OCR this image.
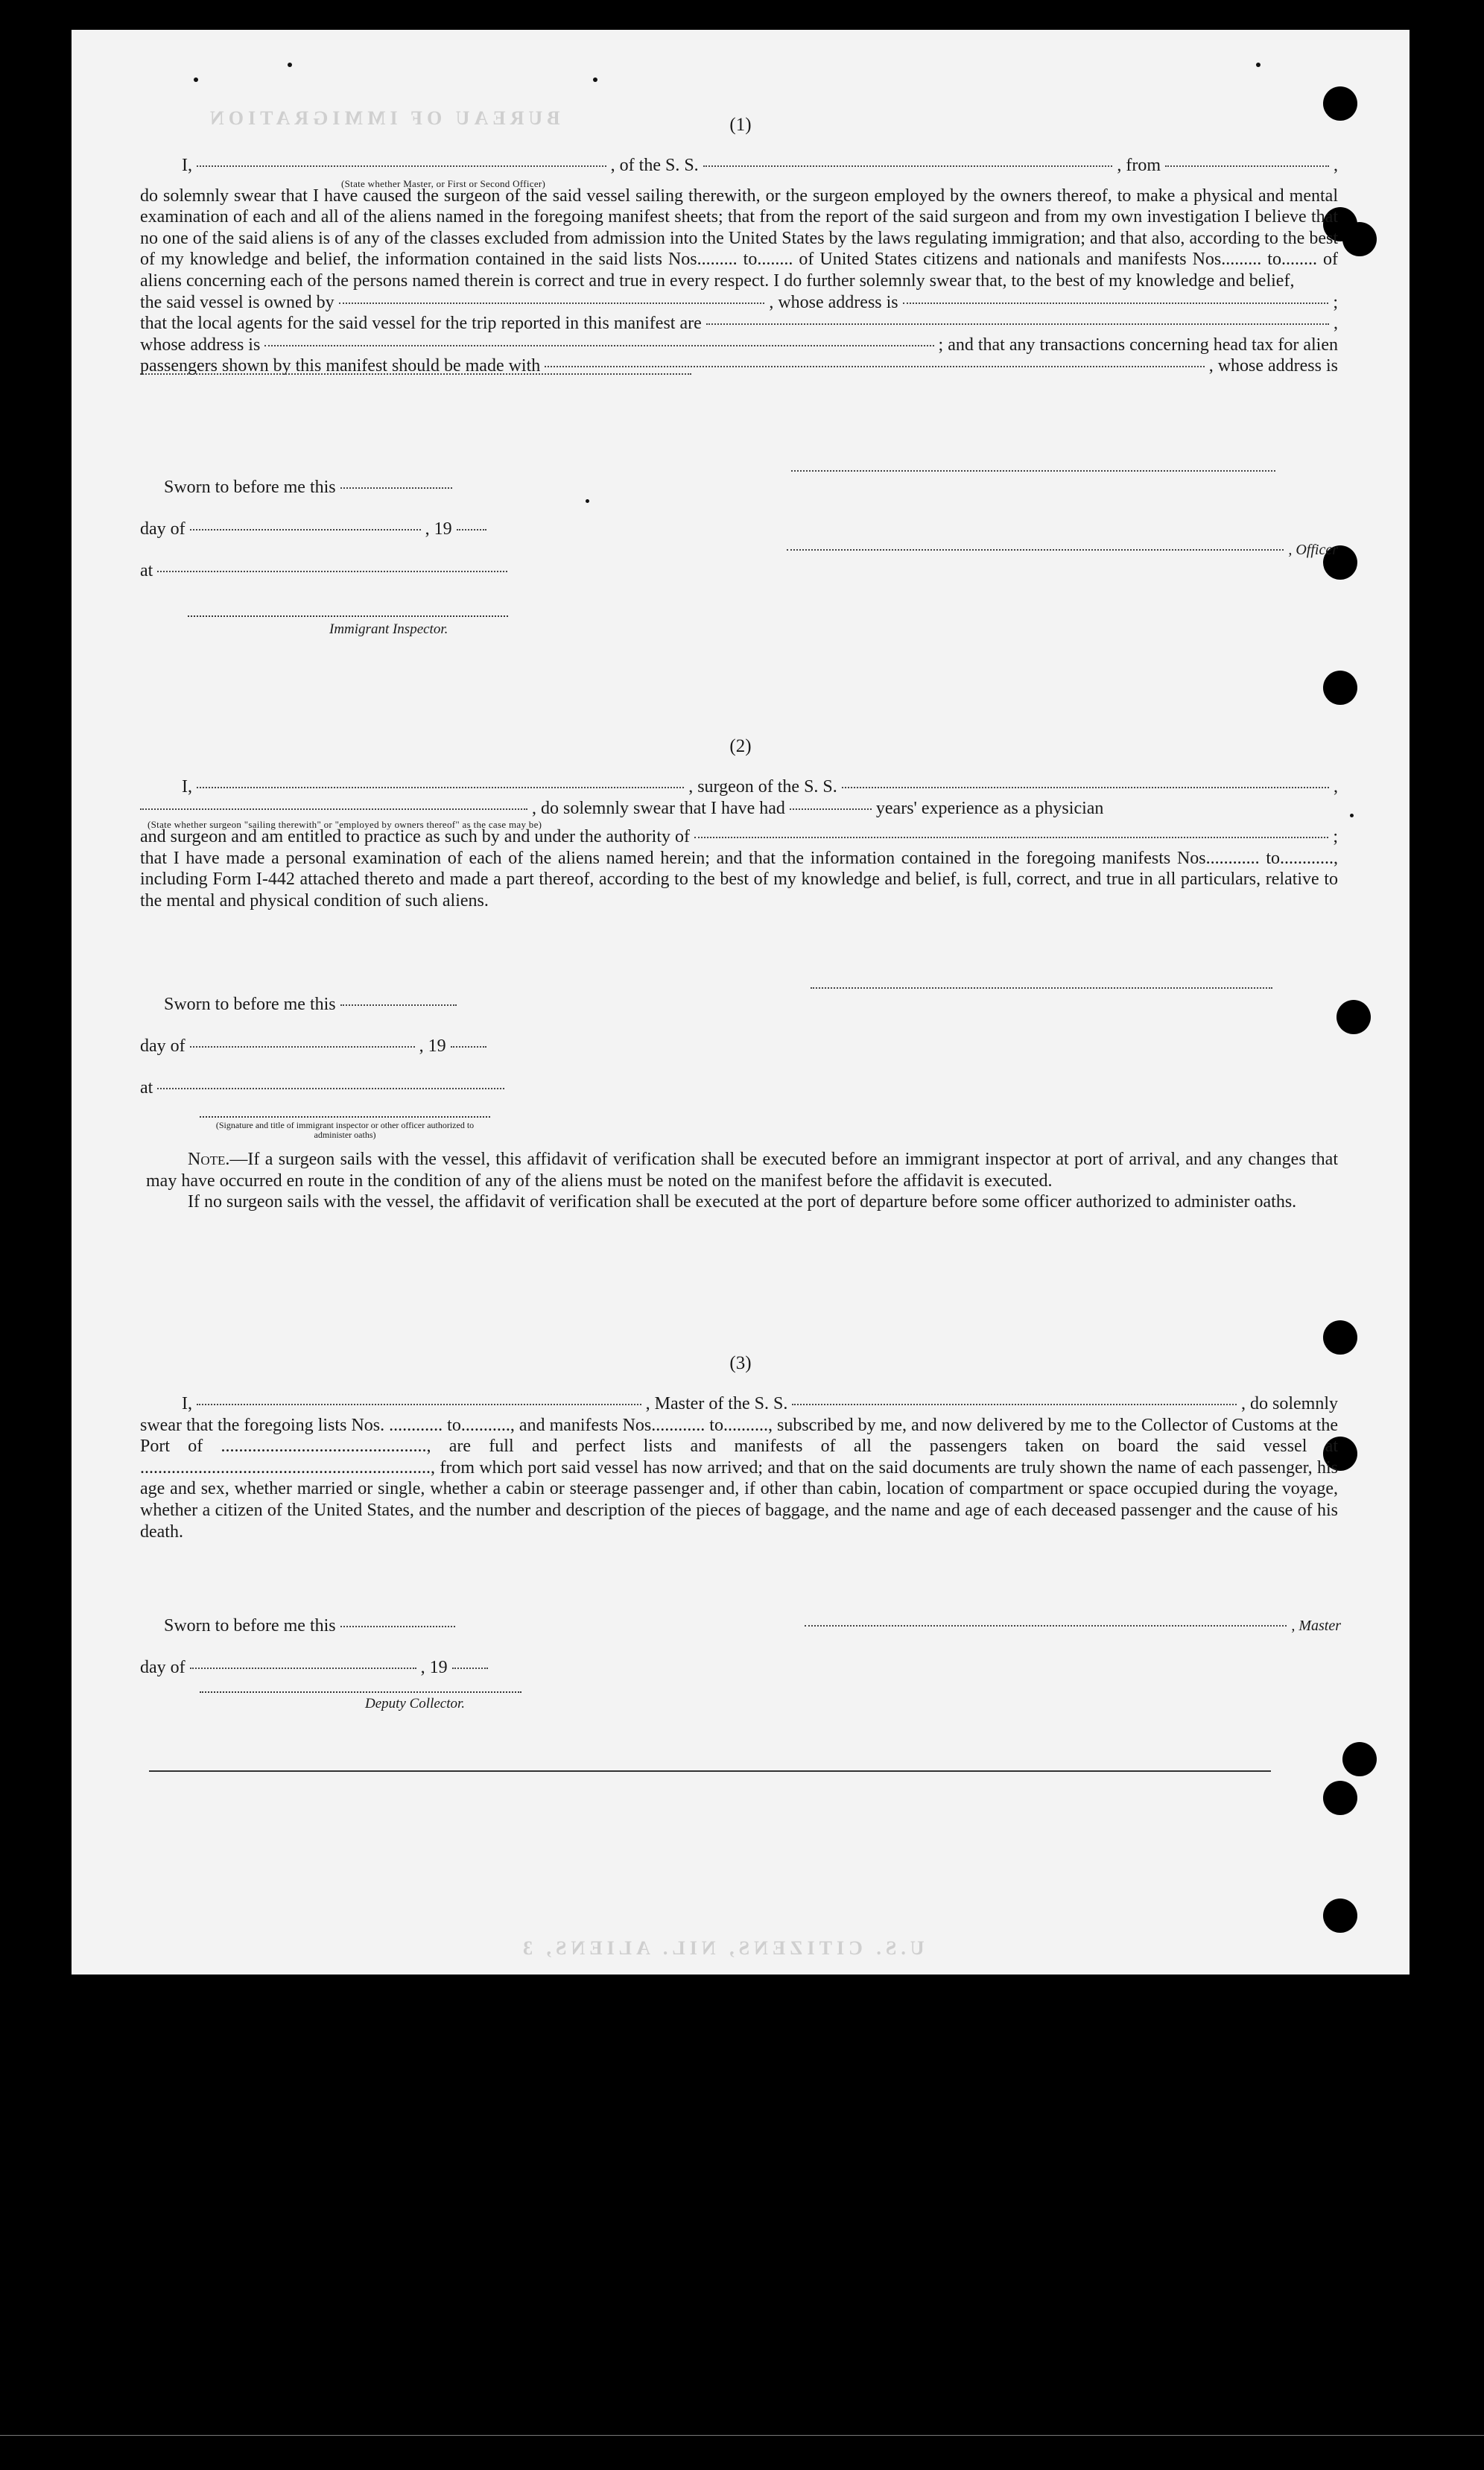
BUREAU OF IMMIGRATION
U.S. CITIZENS, NIL. ALIENS, 3
(1)
I,	, of the S. S.	, from	,
(State whether Master, or First or Second Officer)
do solemnly swear that I have caused the surgeon of the said vessel sailing therewith, or the surgeon employed by the owners thereof, to make a physical and mental examination of each and all of the aliens named in the foregoing manifest sheets; that from the report of the said surgeon and from my own investigation I believe that no one of the said aliens is of any of the classes excluded from admission into the United States by the laws regulating immigration; and that also, according to the best of my knowledge and belief, the information contained in the said lists Nos......... to........ of United States citizens and nationals and manifests Nos......... to........ of aliens concerning each of the persons named therein is correct and true in every respect. I do further solemnly swear that, to the best of my knowledge and belief,
the said vessel is owned by	, whose address is	;
that the local agents for the said vessel for the trip reported in this manifest are	,
whose address is	; and that any transactions concerning head tax for alien
passengers shown by this manifest should be made with	, whose address is
Sworn to before me this
day of	, 19
at
, Officer
Immigrant Inspector.
(2)
I,	, surgeon of the S. S.	,
, do solemnly swear that I have had	years' experience as a physician
(State whether surgeon "sailing therewith" or "employed by owners thereof" as the case may be)
and surgeon and am entitled to practice as such by and under the authority of	;
that I have made a personal examination of each of the aliens named herein; and that the information contained in the foregoing manifests Nos............ to............, including Form I-442 attached thereto and made a part thereof, according to the best of my knowledge and belief, is full, correct, and true in all particulars, relative to the mental and physical condition of such aliens.
Sworn to before me this
day of	, 19
at
(Signature and title of immigrant inspector or other officer authorized to administer oaths)
Note.—If a surgeon sails with the vessel, this affidavit of verification shall be executed before an immigrant inspector at port of arrival, and any changes that may have occurred en route in the condition of any of the aliens must be noted on the manifest before the affidavit is executed.
If no surgeon sails with the vessel, the affidavit of verification shall be executed at the port of departure before some officer authorized to administer oaths.
(3)
I,	, Master of the S. S.	, do solemnly
swear that the foregoing lists Nos. ............ to..........., and manifests Nos............ to.........., subscribed by me, and now delivered by me to the Collector of Customs at the Port of .............................................., are full and perfect lists and manifests of all the passengers taken on board the said vessel at ................................................................., from which port said vessel has now arrived; and that on the said documents are truly shown the name of each passenger, his age and sex, whether married or single, whether a cabin or steerage passenger and, if other than cabin, location of compartment or space occupied during the voyage, whether a citizen of the United States, and the number and description of the pieces of baggage, and the name and age of each deceased passenger and the cause of his death.
Sworn to before me this	, Master
day of	, 19
Deputy Collector.
